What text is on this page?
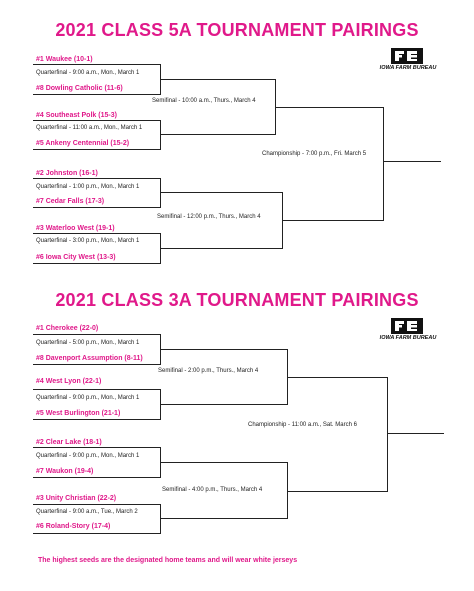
2021 CLASS 5A TOURNAMENT PAIRINGS
IOWA FARM BUREAU
#1 Waukee (10-1)
Quarterfinal - 9:00 a.m., Mon., March 1
#8 Dowling Catholic (11-6)
#4 Southeast Polk (15-3)
Quarterfinal - 11:00 a.m., Mon., March 1
#5 Ankeny Centennial (15-2)
#2 Johnston (16-1)
Quarterfinal - 1:00 p.m., Mon., March 1
#7 Cedar Falls (17-3)
#3 Waterloo West (19-1)
Quarterfinal - 3:00 p.m., Mon., March 1
#6 Iowa City West (13-3)
Semifinal - 10:00 a.m., Thurs., March 4
Semifinal - 12:00 p.m., Thurs., March 4
Championship - 7:00 p.m., Fri. March 5
2021 CLASS 3A TOURNAMENT PAIRINGS
IOWA FARM BUREAU
#1 Cherokee (22-0)
Quarterfinal - 5:00 p.m., Mon., March 1
#8 Davenport Assumption (8-11)
#4 West Lyon (22-1)
Quarterfinal - 9:00 p.m., Mon., March 1
#5 West Burlington (21-1)
#2 Clear Lake (18-1)
Quarterfinal - 9:00 p.m., Mon., March 1
#7 Waukon (19-4)
#3 Unity Christian (22-2)
Quarterfinal - 9:00 a.m., Tue., March 2
#6 Roland-Story (17-4)
Semifinal - 2:00 p.m., Thurs., March 4
Semifinal - 4:00 p.m., Thurs., March 4
Championship - 11:00 a.m., Sat. March 6
The highest seeds are the designated home teams and will wear white jerseys
